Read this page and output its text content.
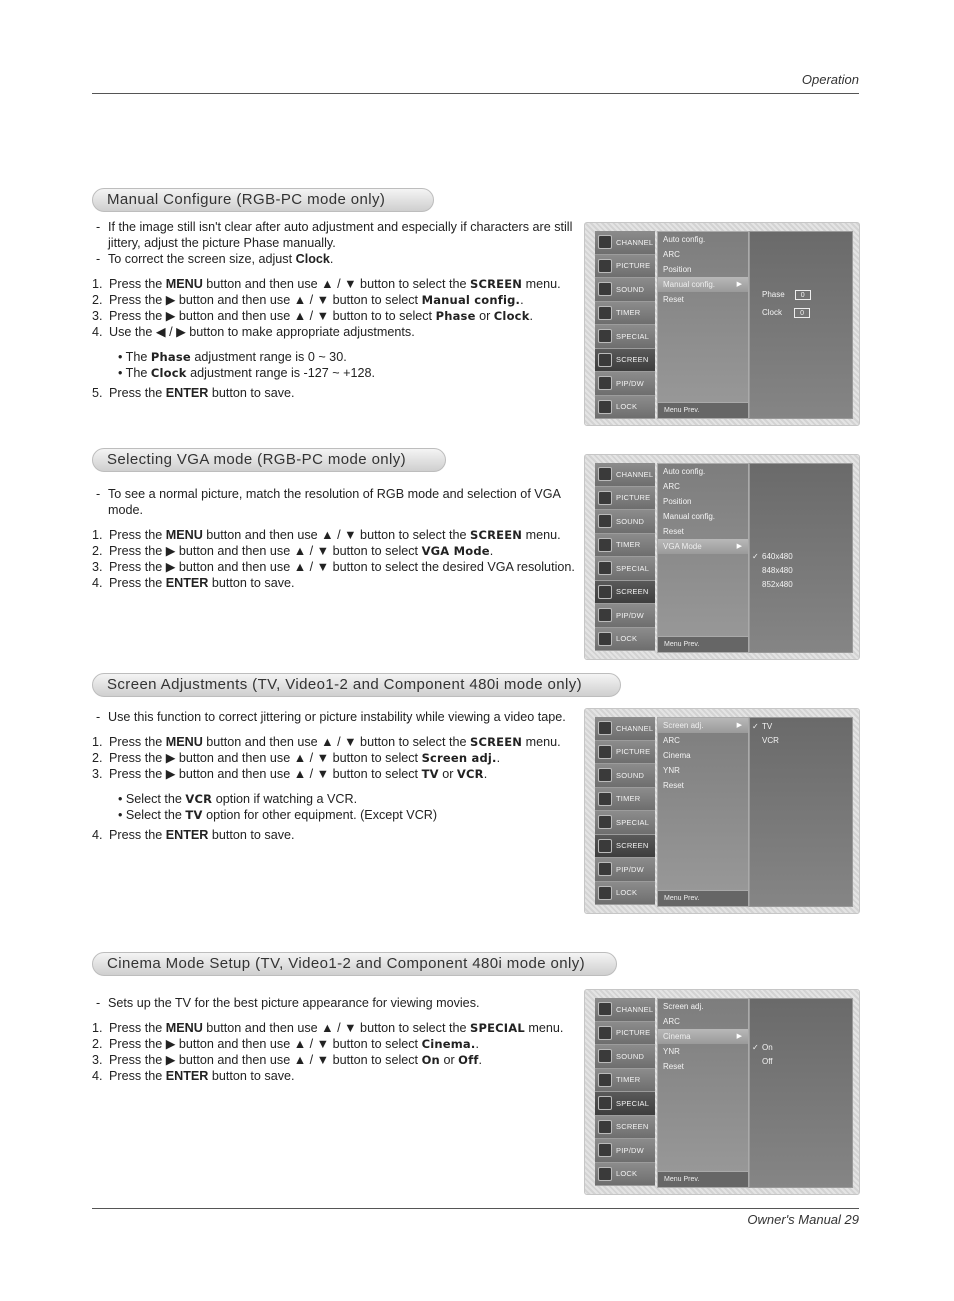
Operation
Manual Configure (RGB-PC mode only)

- If the image still isn't clear after auto adjustment and especially if characters are still jittery, adjust the picture Phase manually.

- To correct the screen size, adjust Clock.

1. Press the MENU button and then use ▲ / ▼ button to select the SCREEN menu.

2. Press the ▶ button and then use ▲ / ▼ button to select Manual config..

3. Press the ▶ button and then use ▲ / ▼ button to to select Phase or Clock.

4. Use the ◀ / ▶ button to make appropriate adjustments.

• The Phase adjustment range is 0 ~ 30.

• The Clock adjustment range is -127 ~ +128.

5. Press the ENTER button to save.

CHANNEL
PICTURE
SOUND
TIMER
SPECIAL
SCREEN
PIP/DW
LOCK
Auto config.
ARC
Position
Manual config. ▶
Reset
Menu Prev.
Phase 0
Clock	0
Selecting VGA mode (RGB-PC mode only)

- To see a normal picture, match the resolution of RGB mode and selection of VGA mode.

1. Press the MENU button and then use ▲ / ▼ button to select the SCREEN menu.

2. Press the ▶ button and then use ▲ / ▼ button to select VGA Mode.

3. Press the ▶ button and then use ▲ / ▼ button to select the desired VGA resolution.

4. Press the ENTER button to save.

CHANNEL
PICTURE
SOUND
TIMER
SPECIAL
SCREEN
PIP/DW
LOCK
Auto config.
ARC
Position
Manual config.
Reset
VGA Mode ▶
Menu Prev.
✓ 640x480
848x480
852x480
Screen Adjustments (TV, Video1-2 and Component 480i mode only)

- Use this function to correct jittering or picture instability while viewing a video tape.

1. Press the MENU button and then use ▲ / ▼ button to select the SCREEN menu.

2. Press the ▶ button and then use ▲ / ▼ button to select Screen adj..

3. Press the ▶ button and then use ▲ / ▼ button to select TV or VCR.

• Select the VCR option if watching a VCR.

• Select the TV option for other equipment. (Except VCR)

4. Press the ENTER button to save.

CHANNEL
PICTURE
SOUND
TIMER
SPECIAL
SCREEN
PIP/DW
LOCK
Screen adj. ▶
ARC
Cinema
YNR
Reset
Menu Prev.
✓ TV
VCR
Cinema Mode Setup (TV, Video1-2 and Component 480i mode only)

- Sets up the TV for the best picture appearance for viewing movies.

1. Press the MENU button and then use ▲ / ▼ button to select the SPECIAL menu.

2. Press the ▶ button and then use ▲ / ▼ button to select Cinema..

3. Press the ▶ button and then use ▲ / ▼ button to select On or Off.

4. Press the ENTER button to save.

CHANNEL
PICTURE
SOUND
TIMER
SPECIAL
SCREEN
PIP/DW
LOCK
Screen adj.
ARC
Cinema ▶
YNR
Reset
Menu Prev.
✓ On
Off
Owner's Manual 29
